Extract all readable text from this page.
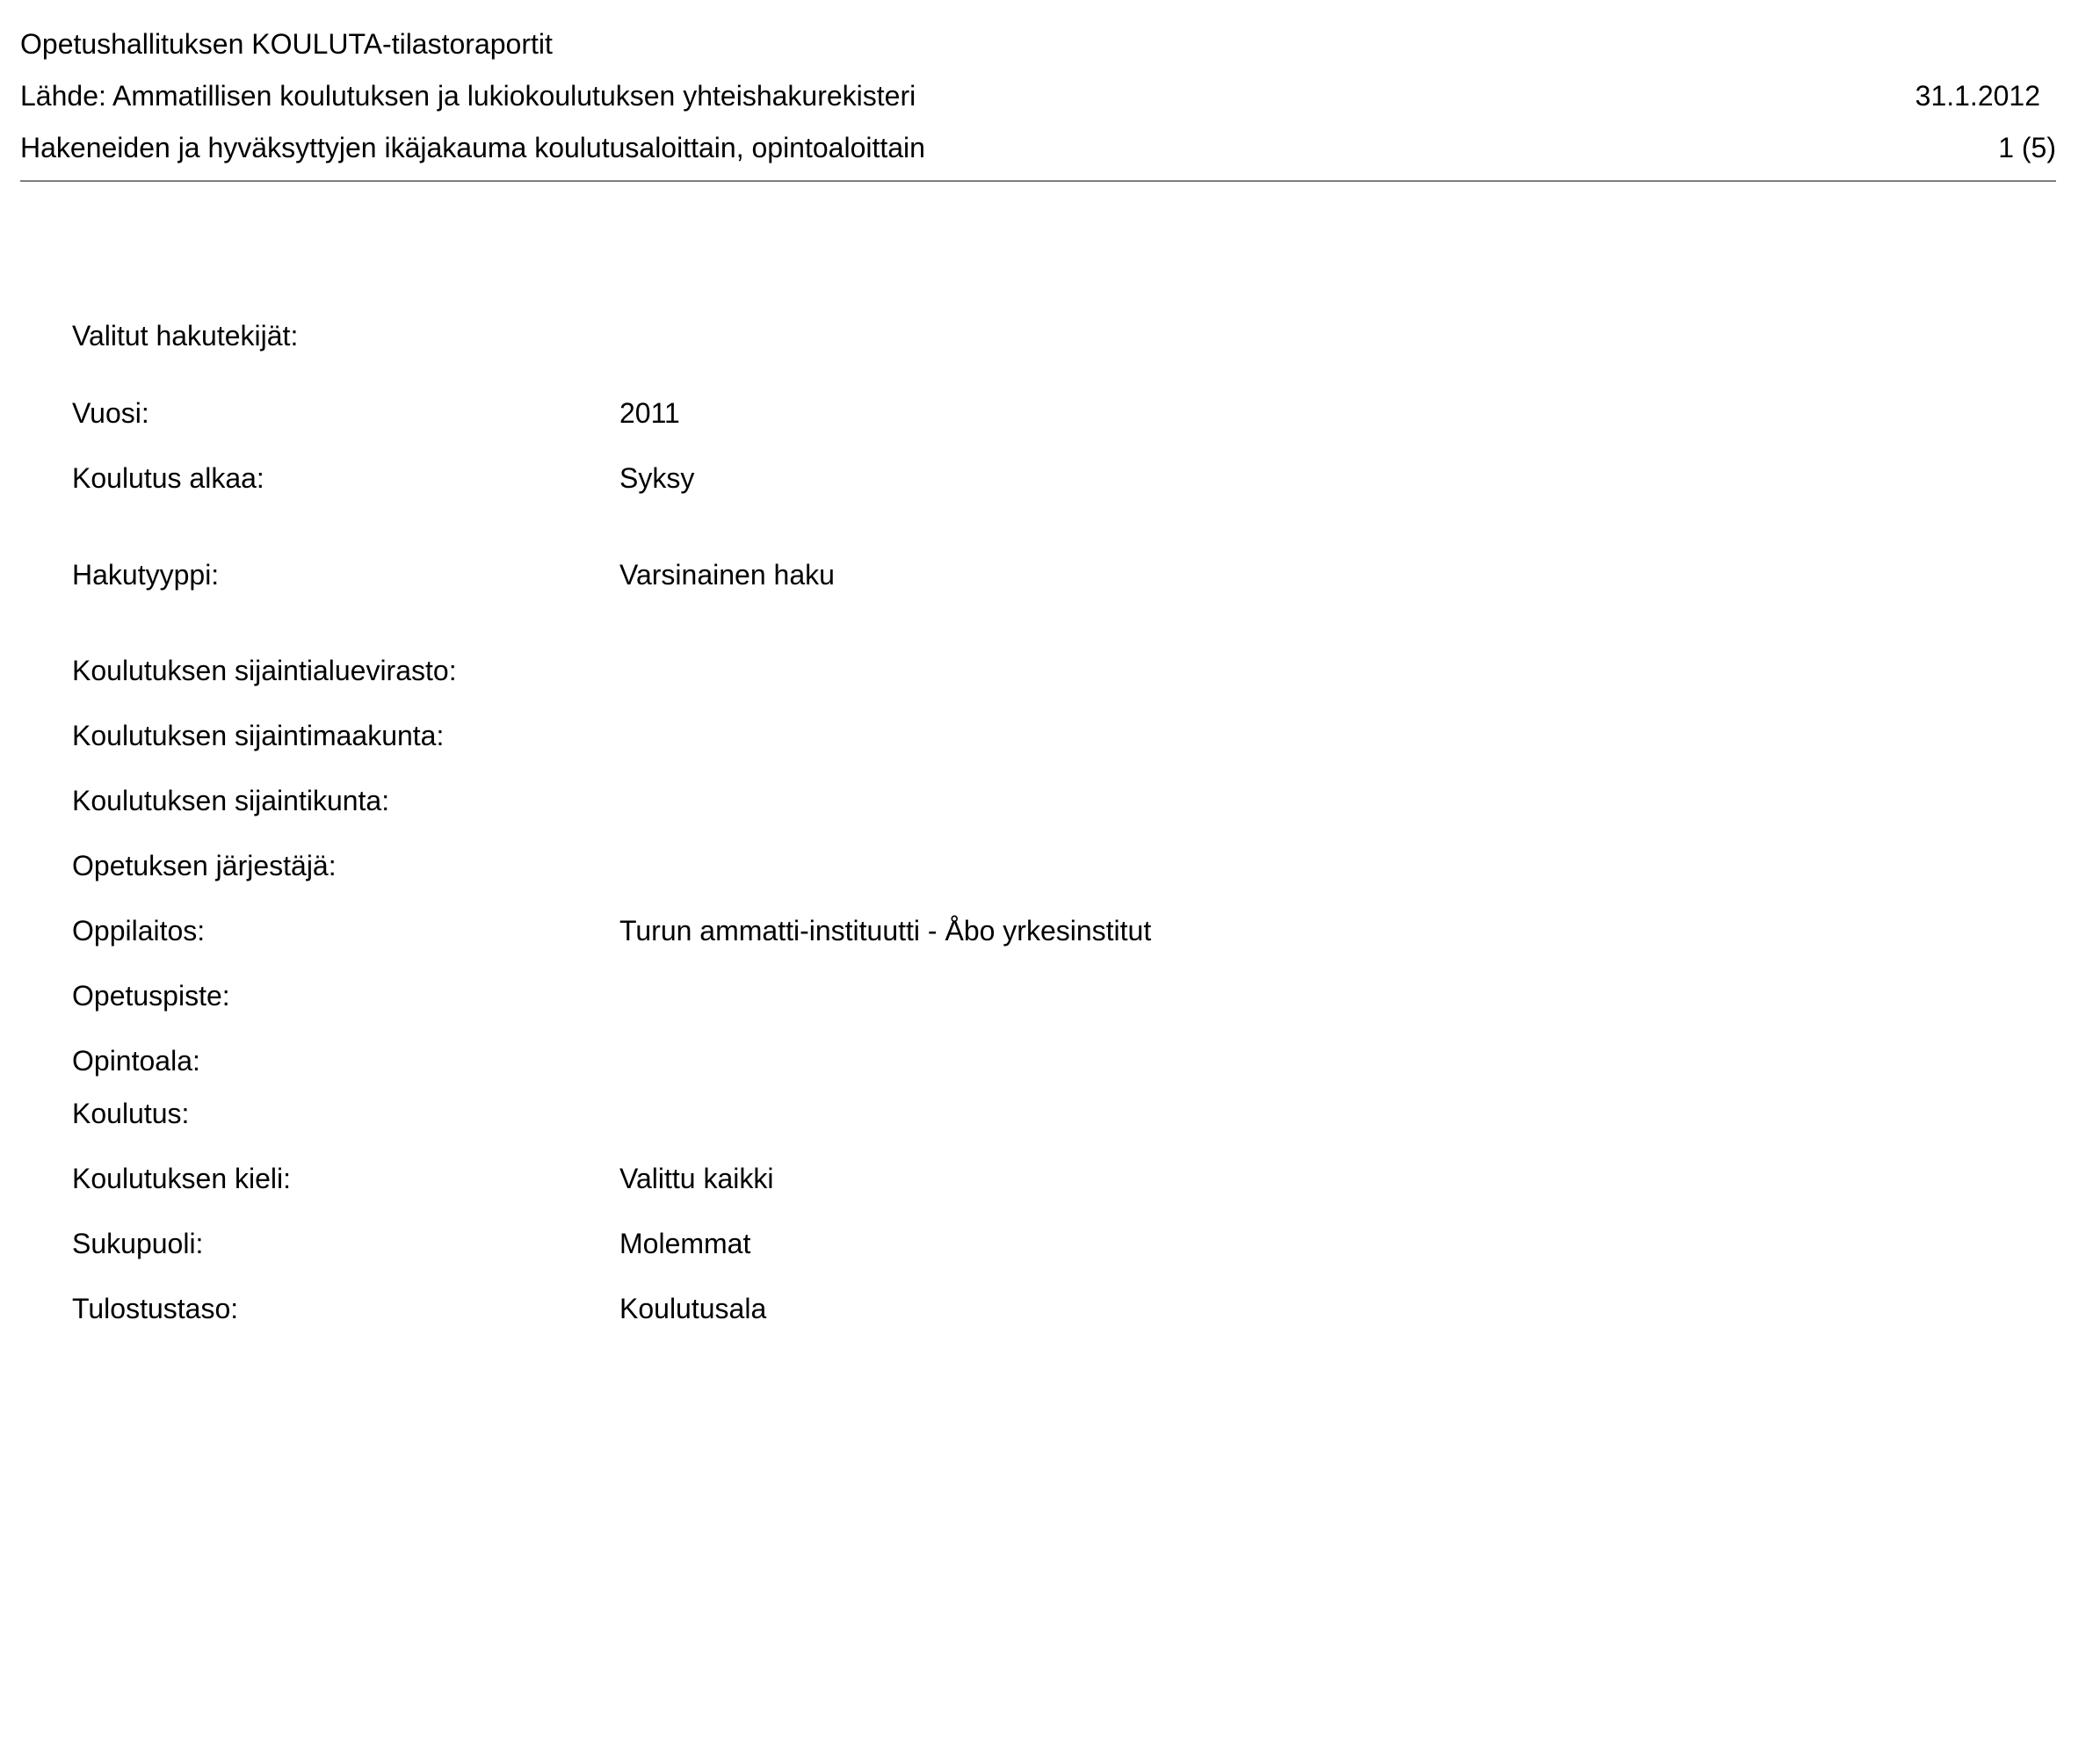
Opetushallituksen KOULUTA-tilastoraportit
Lähde: Ammatillisen koulutuksen ja lukiokoulutuksen yhteishakurekisteri	31.1.2012
Hakeneiden ja hyväksyttyjen ikäjakauma koulutusaloittain, opintoaloittain	1 (5)
Valitut hakutekijät:
Vuosi:	2011
Koulutus alkaa:	Syksy
Hakutyyppi:	Varsinainen haku
Koulutuksen sijaintialuevirasto:
Koulutuksen sijaintimaakunta:
Koulutuksen sijaintikunta:
Opetuksen järjestäjä:
Oppilaitos:	Turun ammatti-instituutti - Åbo yrkesinstitut
Opetuspiste:
Opintoala:
Koulutus:
Koulutuksen kieli:	Valittu kaikki
Sukupuoli:	Molemmat
Tulostustaso:	Koulutusala
